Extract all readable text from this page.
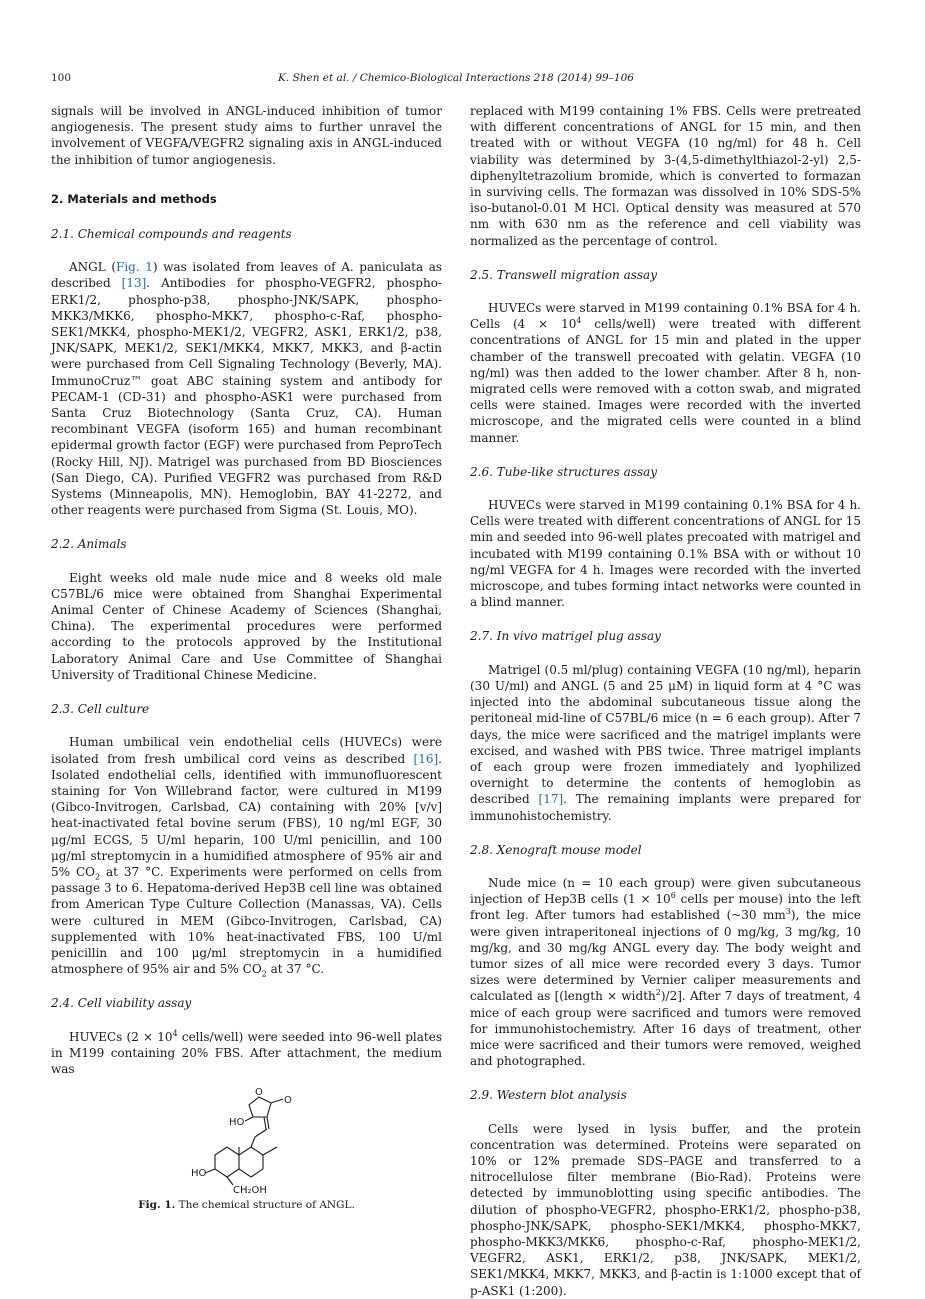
100	K. Shen et al. / Chemico-Biological Interactions 218 (2014) 99–106

signals will be involved in ANGL-induced inhibition of tumor angiogenesis. The present study aims to further unravel the involvement of VEGFA/VEGFR2 signaling axis in ANGL-induced the inhibition of tumor angiogenesis.

2. Materials and methods
2.1. Chemical compounds and reagents

ANGL (Fig. 1) was isolated from leaves of A. paniculata as described [13]. Antibodies for phospho-VEGFR2, phospho-ERK1/2, phospho-p38, phospho-JNK/SAPK, phospho-MKK3/MKK6, phospho-MKK7, phospho-c-Raf, phospho-SEK1/MKK4, phospho-MEK1/2, VEGFR2, ASK1, ERK1/2, p38, JNK/SAPK, MEK1/2, SEK1/MKK4, MKK7, MKK3, and β-actin were purchased from Cell Signaling Technology (Beverly, MA). ImmunoCruz™ goat ABC staining system and antibody for PECAM-1 (CD-31) and phospho-ASK1 were purchased from Santa Cruz Biotechnology (Santa Cruz, CA). Human recombinant VEGFA (isoform 165) and human recombinant epidermal growth factor (EGF) were purchased from PeproTech (Rocky Hill, NJ). Matrigel was purchased from BD Biosciences (San Diego, CA). Purified VEGFR2 was purchased from R&D Systems (Minneapolis, MN). Hemoglobin, BAY 41-2272, and other reagents were purchased from Sigma (St. Louis, MO).

2.2. Animals

Eight weeks old male nude mice and 8 weeks old male C57BL/6 mice were obtained from Shanghai Experimental Animal Center of Chinese Academy of Sciences (Shanghai, China). The experimental procedures were performed according to the protocols approved by the Institutional Laboratory Animal Care and Use Committee of Shanghai University of Traditional Chinese Medicine.

2.3. Cell culture

Human umbilical vein endothelial cells (HUVECs) were isolated from fresh umbilical cord veins as described [16]. Isolated endothelial cells, identified with immunofluorescent staining for Von Willebrand factor, were cultured in M199 (Gibco-Invitrogen, Carlsbad, CA) containing with 20% [v/v] heat-inactivated fetal bovine serum (FBS), 10 ng/ml EGF, 30 μg/ml ECGS, 5 U/ml heparin, 100 U/ml penicillin, and 100 μg/ml streptomycin in a humidified atmosphere of 95% air and 5% $CO_2$ at 37 °C. Experiments were performed on cells from passage 3 to 6. Hepatoma-derived Hep3B cell line was obtained from American Type Culture Collection (Manassas, VA). Cells were cultured in MEM (Gibco-Invitrogen, Carlsbad, CA) supplemented with 10% heat-inactivated FBS, 100 U/ml penicillin and 100 μg/ml streptomycin in a humidified atmosphere of 95% air and 5% $CO_2$ at 37 °C.

2.4. Cell viability assay

HUVECs ($2 \times 10^4$ cells/well) were seeded into 96-well plates in M199 containing 20% FBS. After attachment, the medium was

O
O
HO
HO
CH₂OH
Fig. 1. The chemical structure of ANGL.

replaced with M199 containing 1% FBS. Cells were pretreated with different concentrations of ANGL for 15 min, and then treated with or without VEGFA (10 ng/ml) for 48 h. Cell viability was determined by 3-(4,5-dimethylthiazol-2-yl) 2,5-diphenyltetrazolium bromide, which is converted to formazan in surviving cells. The formazan was dissolved in 10% SDS-5% iso-butanol-0.01 M HCl. Optical density was measured at 570 nm with 630 nm as the reference and cell viability was normalized as the percentage of control.

2.5. Transwell migration assay

HUVECs were starved in M199 containing 0.1% BSA for 4 h. Cells ($4 \times 10^4$ cells/well) were treated with different concentrations of ANGL for 15 min and plated in the upper chamber of the transwell precoated with gelatin. VEGFA (10 ng/ml) was then added to the lower chamber. After 8 h, non-migrated cells were removed with a cotton swab, and migrated cells were stained. Images were recorded with the inverted microscope, and the migrated cells were counted in a blind manner.

2.6. Tube-like structures assay

HUVECs were starved in M199 containing 0.1% BSA for 4 h. Cells were treated with different concentrations of ANGL for 15 min and seeded into 96-well plates precoated with matrigel and incubated with M199 containing 0.1% BSA with or without 10 ng/ml VEGFA for 4 h. Images were recorded with the inverted microscope, and tubes forming intact networks were counted in a blind manner.

2.7. In vivo matrigel plug assay

Matrigel (0.5 ml/plug) containing VEGFA (10 ng/ml), heparin (30 U/ml) and ANGL (5 and 25 μM) in liquid form at 4 °C was injected into the abdominal subcutaneous tissue along the peritoneal mid-line of C57BL/6 mice (n = 6 each group). After 7 days, the mice were sacrificed and the matrigel implants were excised, and washed with PBS twice. Three matrigel implants of each group were frozen immediately and lyophilized overnight to determine the contents of hemoglobin as described [17]. The remaining implants were prepared for immunohistochemistry.

2.8. Xenograft mouse model

Nude mice (n = 10 each group) were given subcutaneous injection of Hep3B cells ($1 \times 10^6$ cells per mouse) into the left front leg. After tumors had established (~30 $mm^3$), the mice were given intraperitoneal injections of 0 mg/kg, 3 mg/kg, 10 mg/kg, and 30 mg/kg ANGL every day. The body weight and tumor sizes of all mice were recorded every 3 days. Tumor sizes were determined by Vernier caliper measurements and calculated as [(length × width$^2$)/2]. After 7 days of treatment, 4 mice of each group were sacrificed and tumors were removed for immunohistochemistry. After 16 days of treatment, other mice were sacrificed and their tumors were removed, weighed and photographed.

2.9. Western blot analysis

Cells were lysed in lysis buffer, and the protein concentration was determined. Proteins were separated on 10% or 12% premade SDS–PAGE and transferred to a nitrocellulose filter membrane (Bio-Rad). Proteins were detected by immunoblotting using specific antibodies. The dilution of phospho-VEGFR2, phospho-ERK1/2, phospho-p38, phospho-JNK/SAPK, phospho-SEK1/MKK4, phospho-MKK7, phospho-MKK3/MKK6, phospho-c-Raf, phospho-MEK1/2, VEGFR2, ASK1, ERK1/2, p38, JNK/SAPK, MEK1/2, SEK1/MKK4, MKK7, MKK3, and β-actin is 1:1000 except that of p-ASK1 (1:200).
